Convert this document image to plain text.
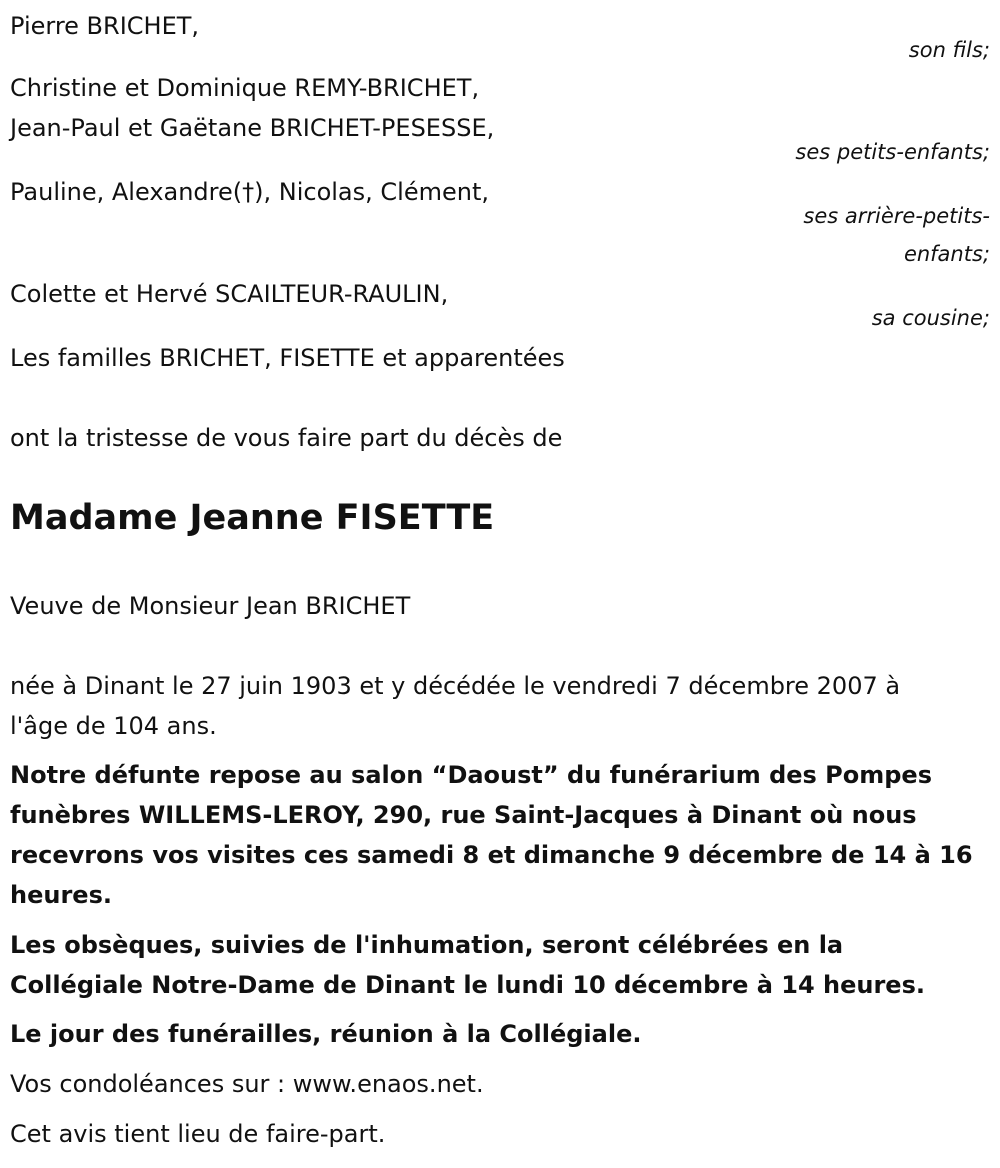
Pierre BRICHET,
son fils;
Christine et Dominique REMY-BRICHET,
Jean-Paul et Gaëtane BRICHET-PESESSE,
ses petits-enfants;
Pauline, Alexandre(†), Nicolas, Clément,
ses arrière-petits-
enfants;
Colette et Hervé SCAILTEUR-RAULIN,
sa cousine;
Les familles BRICHET, FISETTE et apparentées
ont la tristesse de vous faire part du décès de
Madame Jeanne FISETTE
Veuve de Monsieur Jean BRICHET
née à Dinant le 27 juin 1903 et y décédée le vendredi 7 décembre 2007 à
l'âge de 104 ans.
Notre défunte repose au salon “Daoust” du funérarium des Pompes
funèbres WILLEMS-LEROY, 290, rue Saint-Jacques à Dinant où nous
recevrons vos visites ces samedi 8 et dimanche 9 décembre de 14 à 16
heures.
Les obsèques, suivies de l'inhumation, seront célébrées en la
Collégiale Notre-Dame de Dinant le lundi 10 décembre à 14 heures.
Le jour des funérailles, réunion à la Collégiale.
Vos condoléances sur : www.enaos.net.
Cet avis tient lieu de faire-part.
